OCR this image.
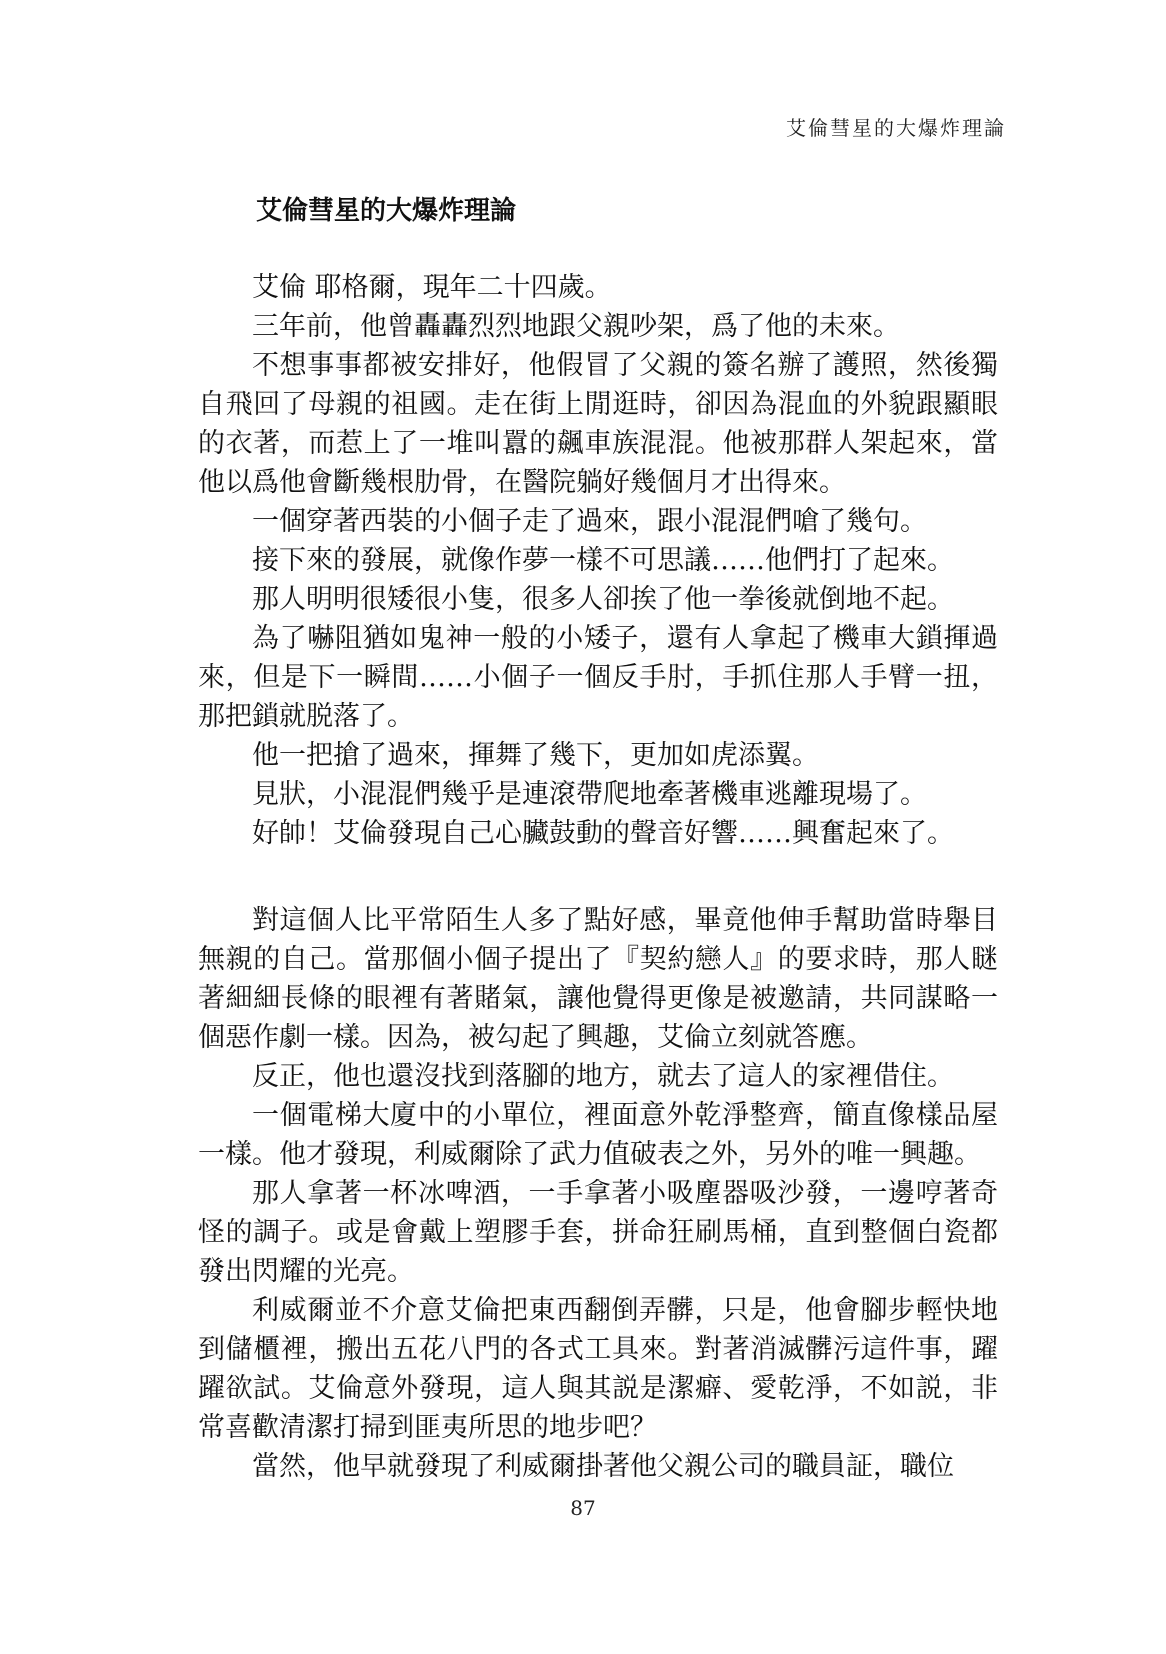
艾倫彗星的大爆炸理論
艾倫彗星的大爆炸理論

艾倫 耶格爾，現年二十四歲。

三年前，他曾轟轟烈烈地跟父親吵架，爲了他的未來。

不想事事都被安排好，他假冒了父親的簽名辦了護照，然後獨自飛回了母親的祖國。走在街上閒逛時，卻因為混血的外貌跟顯眼的衣著，而惹上了一堆叫囂的飆車族混混。他被那群人架起來，當他以爲他會斷幾根肋骨，在醫院躺好幾個月才出得來。

一個穿著西裝的小個子走了過來，跟小混混們嗆了幾句。

接下來的發展，就像作夢一樣不可思議……他們打了起來。

那人明明很矮很小隻，很多人卻挨了他一拳後就倒地不起。

為了嚇阻猶如鬼神一般的小矮子，還有人拿起了機車大鎖揮過來，但是下一瞬間……小個子一個反手肘，手抓住那人手臂一扭，那把鎖就脱落了。

他一把搶了過來，揮舞了幾下，更加如虎添翼。

見狀，小混混們幾乎是連滾帶爬地牽著機車逃離現場了。

好帥！艾倫發現自己心臟鼓動的聲音好響……興奮起來了。

對這個人比平常陌生人多了點好感，畢竟他伸手幫助當時舉目無親的自己。當那個小個子提出了『契約戀人』的要求時，那人瞇著細細長條的眼裡有著賭氣，讓他覺得更像是被邀請，共同謀略一個惡作劇一樣。因為，被勾起了興趣，艾倫立刻就答應。

反正，他也還沒找到落腳的地方，就去了這人的家裡借住。

一個電梯大廈中的小單位，裡面意外乾淨整齊，簡直像樣品屋一樣。他才發現，利威爾除了武力值破表之外，另外的唯一興趣。

那人拿著一杯冰啤酒，一手拿著小吸塵器吸沙發，一邊哼著奇怪的調子。或是會戴上塑膠手套，拼命狂刷馬桶，直到整個白瓷都發出閃耀的光亮。

利威爾並不介意艾倫把東西翻倒弄髒，只是，他會腳步輕快地到儲櫃裡，搬出五花八門的各式工具來。對著消滅髒污這件事，躍躍欲試。艾倫意外發現，這人與其説是潔癖、愛乾淨，不如説，非常喜歡清潔打掃到匪夷所思的地步吧？

當然，他早就發現了利威爾掛著他父親公司的職員証，職位

87
